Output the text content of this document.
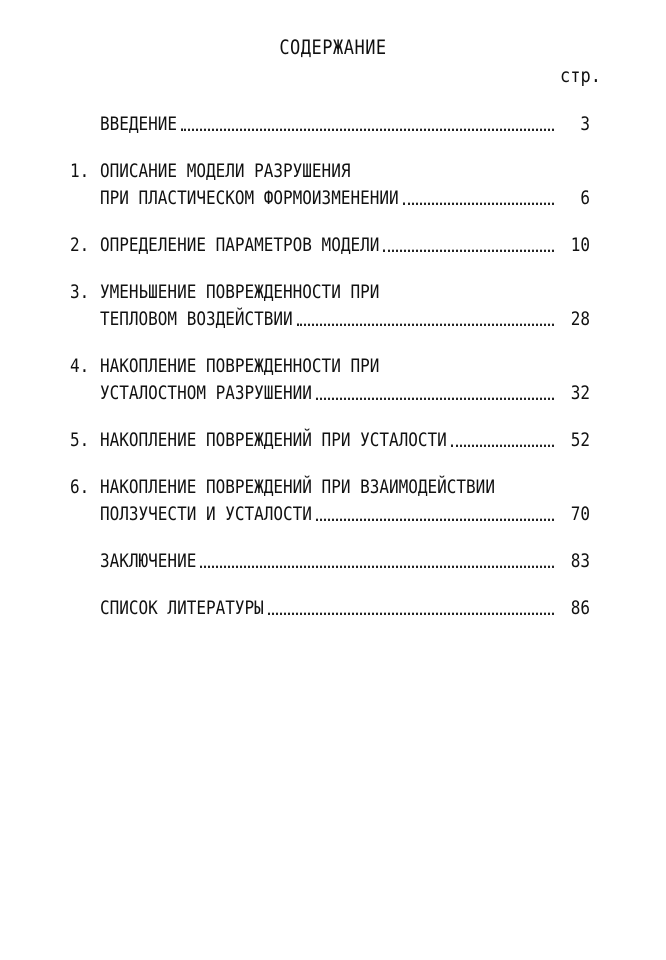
СОДЕРЖАНИЕ
стр.
ВВЕДЕНИЕ	3
1. ОПИСАНИЕ МОДЕЛИ РАЗРУШЕНИЯ
ПРИ ПЛАСТИЧЕСКОМ ФОРМОИЗМЕНЕНИИ	6
2. ОПРЕДЕЛЕНИЕ ПАРАМЕТРОВ МОДЕЛИ	10
3. УМЕНЬШЕНИЕ ПОВРЕЖДЕННОСТИ ПРИ
ТЕПЛОВОМ ВОЗДЕЙСТВИИ	28
4. НАКОПЛЕНИЕ ПОВРЕЖДЕННОСТИ ПРИ
УСТАЛОСТНОМ РАЗРУШЕНИИ	32
5. НАКОПЛЕНИЕ ПОВРЕЖДЕНИЙ ПРИ УСТАЛОСТИ	52
6. НАКОПЛЕНИЕ ПОВРЕЖДЕНИЙ ПРИ ВЗАИМОДЕЙСТВИИ
ПОЛЗУЧЕСТИ И УСТАЛОСТИ	70
ЗАКЛЮЧЕНИЕ	83
СПИСОК ЛИТЕРАТУРЫ	86
